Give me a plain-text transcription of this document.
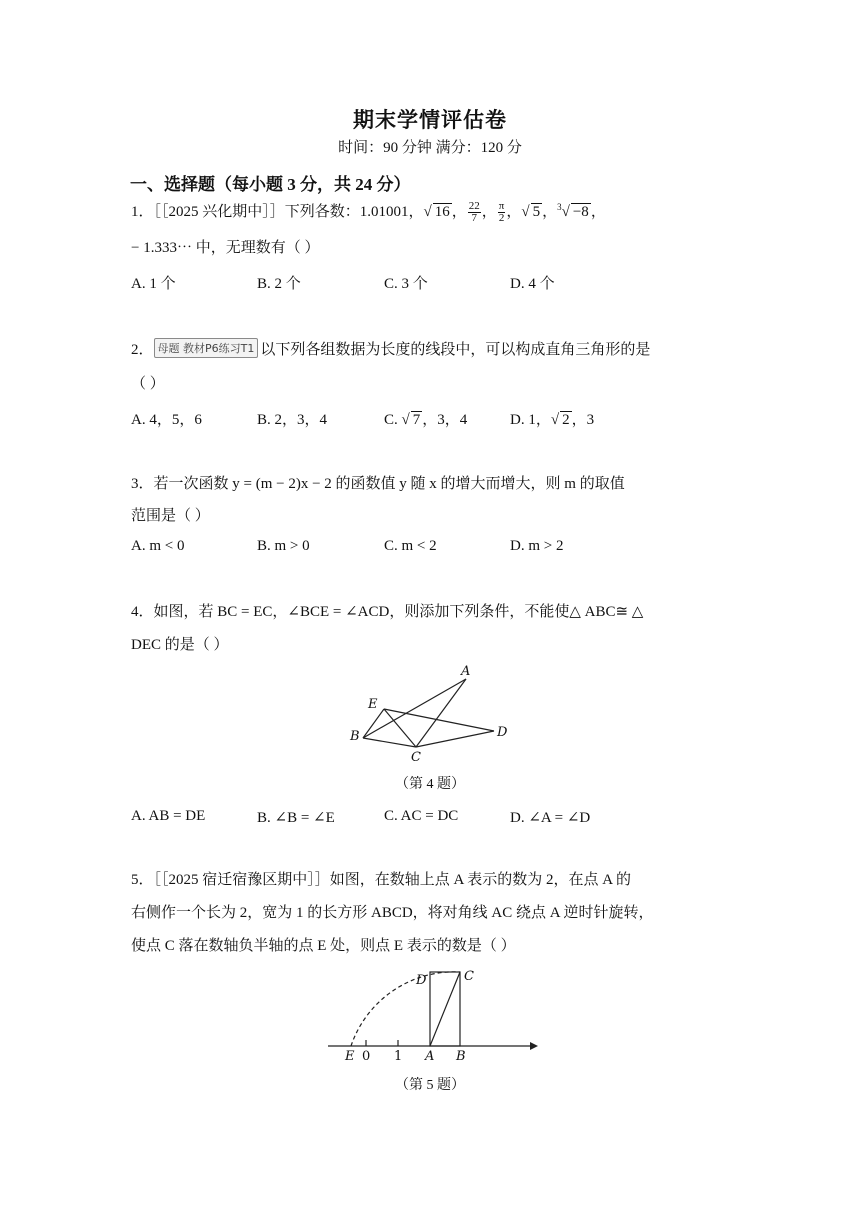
期末学情评估卷
时间：90 分钟 满分：120 分
一、选择题（每小题 3 分，共 24 分）
1．［［2025 兴化期中］］下列各数：1.01001，√ 16 ， $\frac{22}{7}$ ， $\frac{\pi}{2}$ ，√ 5 ，$^3$√ −8 ，
− 1.333⋯ 中，无理数有（ ）
A. 1 个	B. 2 个	C. 3 个	D. 4 个
2． 母题 教材P6练习T1 以下列各组数据为长度的线段中，可以构成直角三角形的是
（ ）
A. 4，5，6	B. 2，3，4	C. √ 7 ，3，4	D. 1，√ 2 ，3
3．若一次函数 y = (m − 2)x − 2 的函数值 y 随 x 的增大而增大，则 m 的取值
范围是（ ）
A. m < 0	B. m > 0	C. m < 2	D. m > 2
4．如图，若 BC = EC，∠BCE = ∠ACD，则添加下列条件，不能使△ ABC≅ △
DEC 的是（ ）
A
E
B
C
D
（第 4 题）
A. AB = DE	B. ∠B = ∠E	C. AC = DC	D. ∠A = ∠D
5．［［2025 宿迁宿豫区期中］］如图，在数轴上点 A 表示的数为 2，在点 A 的
右侧作一个长为 2，宽为 1 的长方形 ABCD，将对角线 AC 绕点 A 逆时针旋转，
使点 C 落在数轴负半轴的点 E 处，则点 E 表示的数是（ ）
D	C
E 0 1 A B
（第 5 题）
